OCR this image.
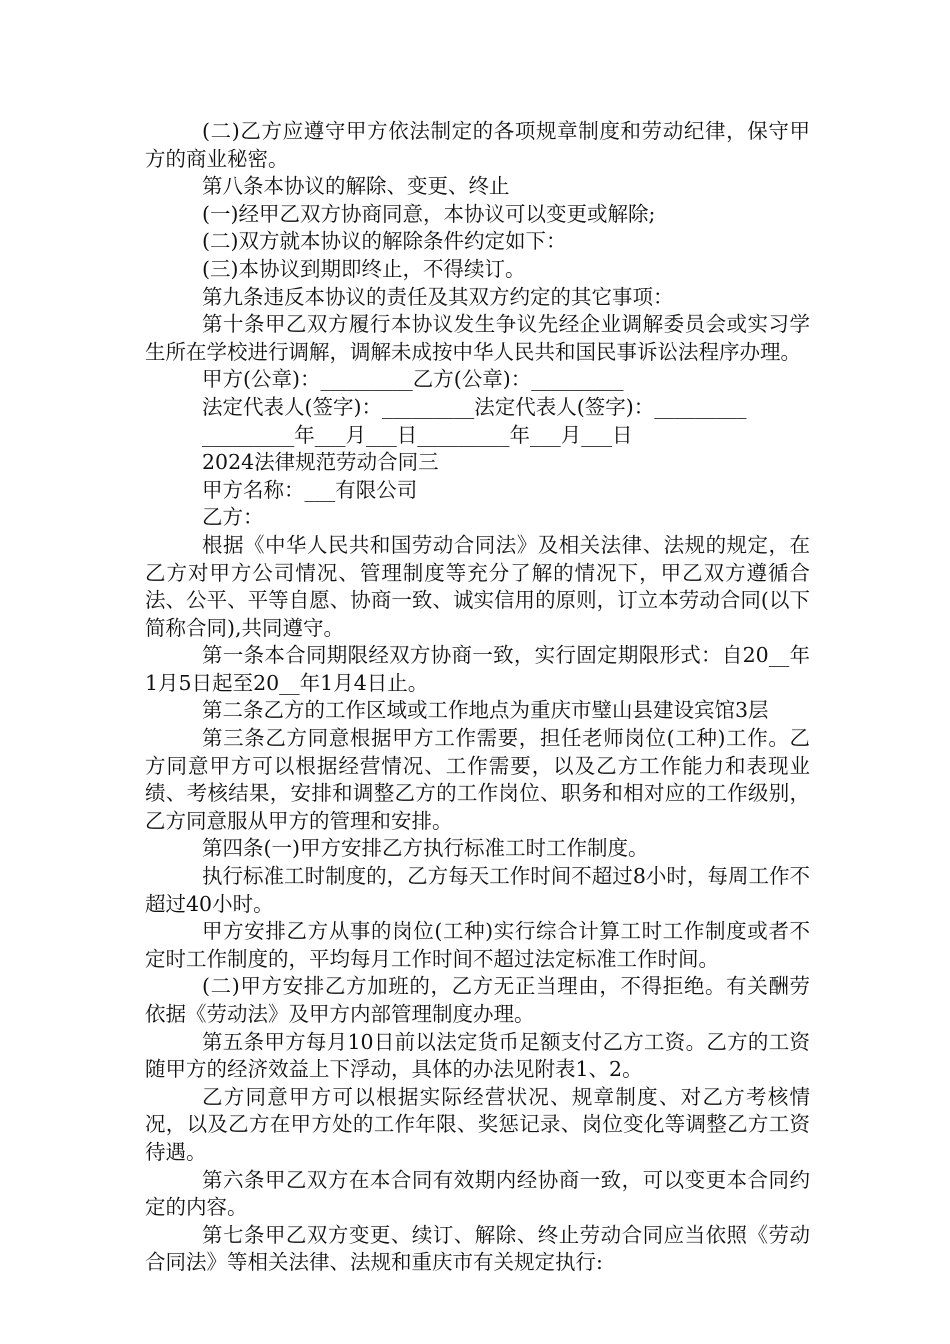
(二)乙方应遵守甲方依法制定的各项规章制度和劳动纪律，保守甲方的商业秘密。

第八条本协议的解除、变更、终止

(一)经甲乙双方协商同意，本协议可以变更或解除;

(二)双方就本协议的解除条件约定如下：

(三)本协议到期即终止，不得续订。

第九条违反本协议的责任及其双方约定的其它事项：

第十条甲乙双方履行本协议发生争议先经企业调解委员会或实习学生所在学校进行调解，调解未成按中华人民共和国民事诉讼法程序办理。

甲方(公章)：_________乙方(公章)：_________

法定代表人(签字)：_________法定代表人(签字)：_________

_________年___月___日_________年___月___日

2024法律规范劳动合同三

甲方名称：___有限公司

乙方：

根据《中华人民共和国劳动合同法》及相关法律、法规的规定，在乙方对甲方公司情况、管理制度等充分了解的情况下，甲乙双方遵循合法、公平、平等自愿、协商一致、诚实信用的原则，订立本劳动合同(以下简称合同),共同遵守。

第一条本合同期限经双方协商一致，实行固定期限形式：自20__年1月5日起至20__年1月4日止。

第二条乙方的工作区域或工作地点为重庆市璧山县建设宾馆3层

第三条乙方同意根据甲方工作需要，担任老师岗位(工种)工作。乙方同意甲方可以根据经营情况、工作需要，以及乙方工作能力和表现业绩、考核结果，安排和调整乙方的工作岗位、职务和相对应的工作级别，乙方同意服从甲方的管理和安排。

第四条(一)甲方安排乙方执行标准工时工作制度。

执行标准工时制度的，乙方每天工作时间不超过8小时，每周工作不超过40小时。

甲方安排乙方从事的岗位(工种)实行综合计算工时工作制度或者不定时工作制度的，平均每月工作时间不超过法定标准工作时间。

(二)甲方安排乙方加班的，乙方无正当理由，不得拒绝。有关酬劳依据《劳动法》及甲方内部管理制度办理。

第五条甲方每月10日前以法定货币足额支付乙方工资。乙方的工资随甲方的经济效益上下浮动，具体的办法见附表1、2。

乙方同意甲方可以根据实际经营状况、规章制度、对乙方考核情况，以及乙方在甲方处的工作年限、奖惩记录、岗位变化等调整乙方工资待遇。

第六条甲乙双方在本合同有效期内经协商一致，可以变更本合同约定的内容。

第七条甲乙双方变更、续订、解除、终止劳动合同应当依照《劳动合同法》等相关法律、法规和重庆市有关规定执行:
